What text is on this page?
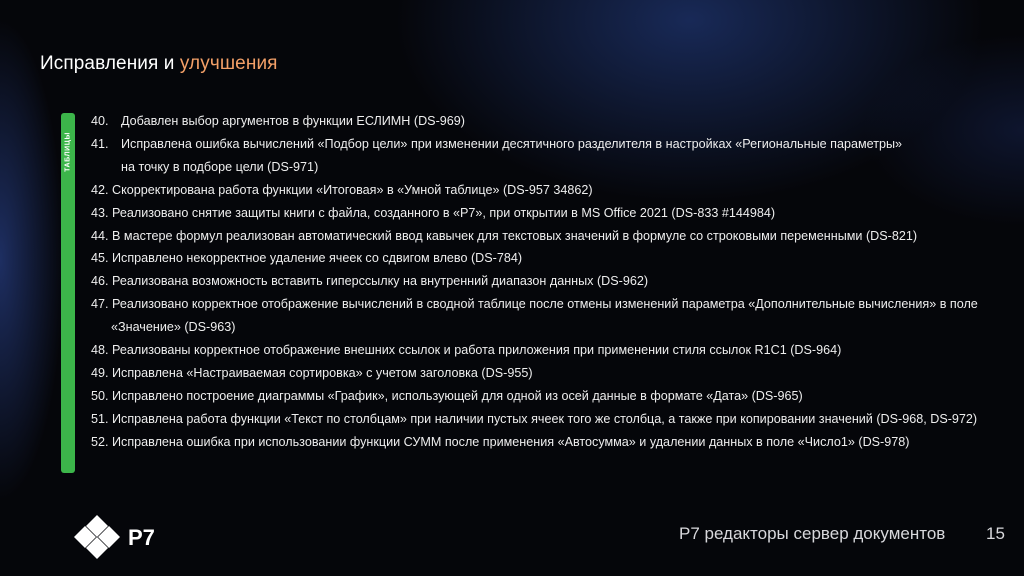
Исправления и улучшения
ТАБЛИЦЫ
40. Добавлен выбор аргументов в функции ЕСЛИМН (DS-969)
41. Исправлена ошибка вычислений «Подбор цели» при изменении десятичного разделителя в настройках «Региональные параметры»
на точку в подборе цели (DS-971)
42. Скорректирована работа функции «Итоговая» в «Умной таблице» (DS-957 34862)
43. Реализовано снятие защиты книги с файла, созданного в «Р7», при открытии в MS Office 2021 (DS-833 #144984)
44. В мастере формул реализован автоматический ввод кавычек для текстовых значений в формуле со строковыми переменными (DS-821)
45. Исправлено некорректное удаление ячеек со сдвигом влево (DS-784)
46. Реализована возможность вставить гиперссылку на внутренний диапазон данных (DS-962)
47. Реализовано корректное отображение вычислений в сводной таблице после отмены изменений параметра «Дополнительные вычисления» в поле «Значение» (DS-963)
48. Реализованы корректное отображение внешних ссылок и работа приложения при применении стиля ссылок R1C1 (DS-964)
49. Исправлена «Настраиваемая сортировка» с учетом заголовка (DS-955)
50. Исправлено построение диаграммы «График», использующей для одной из осей данные в формате «Дата» (DS-965)
51. Исправлена работа функции «Текст по столбцам» при наличии пустых ячеек того же столбца, а также при копировании значений (DS-968, DS-972)
52. Исправлена ошибка при использовании функции СУММ после применения «Автосумма» и удалении данных в поле «Число1» (DS-978)
Р7	Р7 редакторы сервер документов 15
